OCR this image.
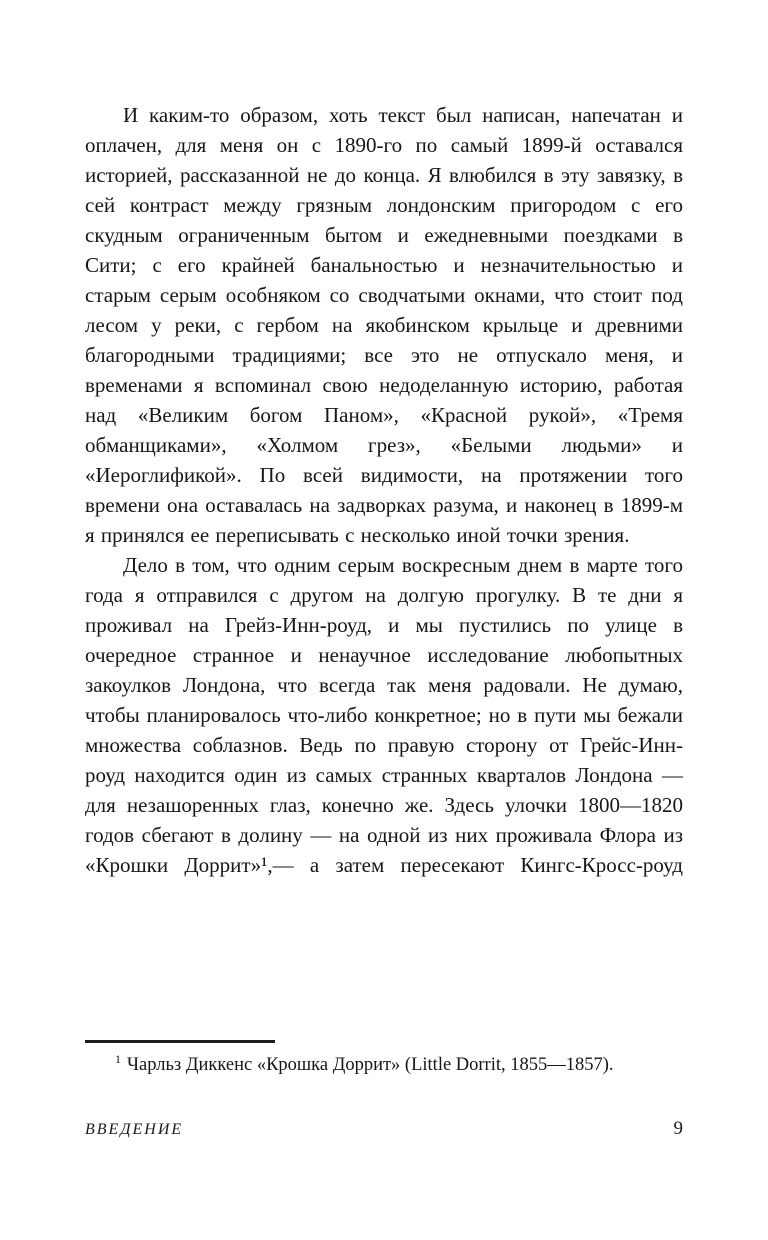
И каким-то образом, хоть текст был написан, напечатан и оплачен, для меня он с 1890-го по самый 1899-й оставался историей, рассказанной не до конца. Я влюбился в эту завязку, в сей контраст между грязным лондонским пригородом с его скудным ограниченным бытом и ежедневными поездками в Сити; с его крайней банальностью и незначительностью и старым серым особняком со сводчатыми окнами, что стоит под лесом у реки, с гербом на якобинском крыльце и древними благородными традициями; все это не отпускало меня, и временами я вспоминал свою недоделанную историю, работая над «Великим богом Паном», «Красной рукой», «Тремя обманщиками», «Холмом грез», «Белыми людьми» и «Иероглификой». По всей видимости, на протяжении того времени она оставалась на задворках разума, и наконец в 1899-м я принялся ее переписывать с несколько иной точки зрения.

Дело в том, что одним серым воскресным днем в марте того года я отправился с другом на долгую прогулку. В те дни я проживал на Грейз-Инн-роуд, и мы пустились по улице в очередное странное и ненаучное исследование любопытных закоулков Лондона, что всегда так меня радовали. Не думаю, чтобы планировалось что-либо конкретное; но в пути мы бежали множества соблазнов. Ведь по правую сторону от Грейс-Инн-роуд находится один из самых странных кварталов Лондона — для незашоренных глаз, конечно же. Здесь улочки 1800—1820 годов сбегают в долину — на одной из них проживала Флора из «Крошки Доррит»¹,— а затем пересекают Кингс-Кросс-роуд

$^1$ Чарльз Диккенс «Крошка Доррит» (Little Dorrit, 1855—1857).

ВВЕДЕНИЕ	9
